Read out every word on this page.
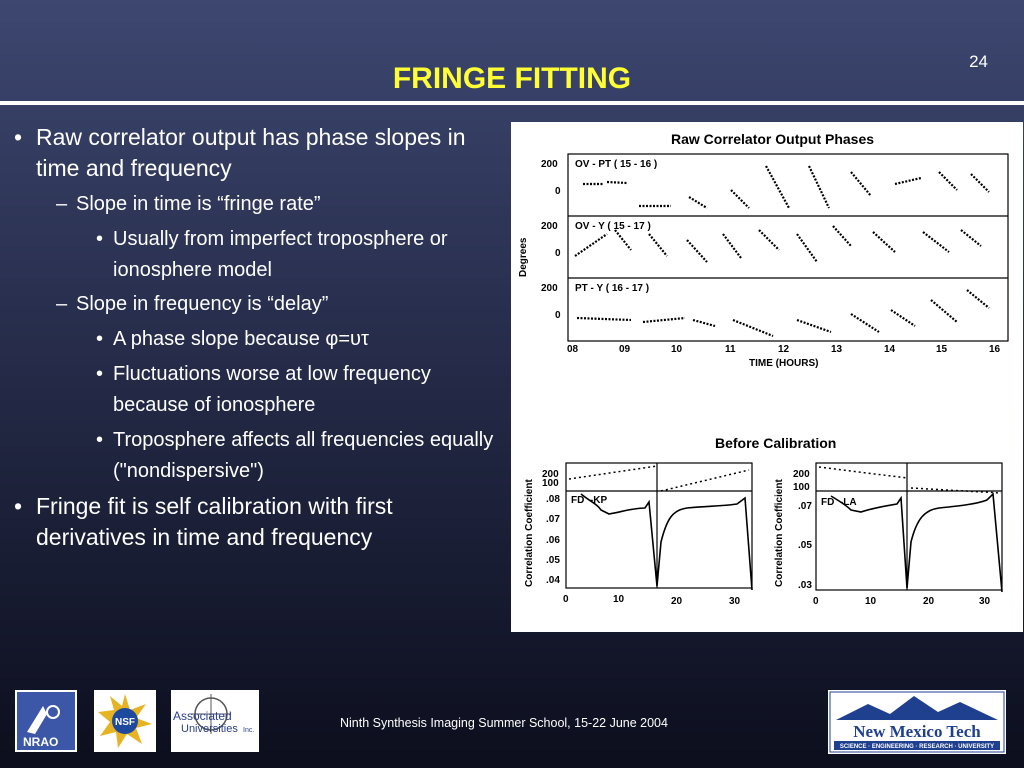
24
FRINGE FITTING
• Raw correlator output has phase slopes in time and frequency
– Slope in time is “fringe rate”
• Usually from imperfect troposphere or ionosphere model
– Slope in frequency is “delay”
• A phase slope because φ=υτ
• Fluctuations worse at low frequency because of ionosphere
• Troposphere affects all frequencies equally ("nondispersive")
• Fringe fit is self calibration with first derivatives in time and frequency
Raw Correlator Output Phases
Degrees
200
0
OV - PT ( 15 - 16 )
200
0
OV - Y ( 15 - 17 )
200
0
PT - Y ( 16 - 17 )
08	09	10	11	12	13	14	15	16
TIME (HOURS)
Before Calibration
Correlation Coefficient
200
100
.08
.07
.06
.05
.04
FD  -KP
0	10	20	30
Correlation Coefficient
200
100
.07
.05
.03
FD  -LA
0	10	20	30
Ninth Synthesis Imaging Summer School, 15-22 June 2004
NRAO
NSF	Associated
Universities Inc.	New Mexico Tech
SCIENCE · ENGINEERING · RESEARCH · UNIVERSITY
